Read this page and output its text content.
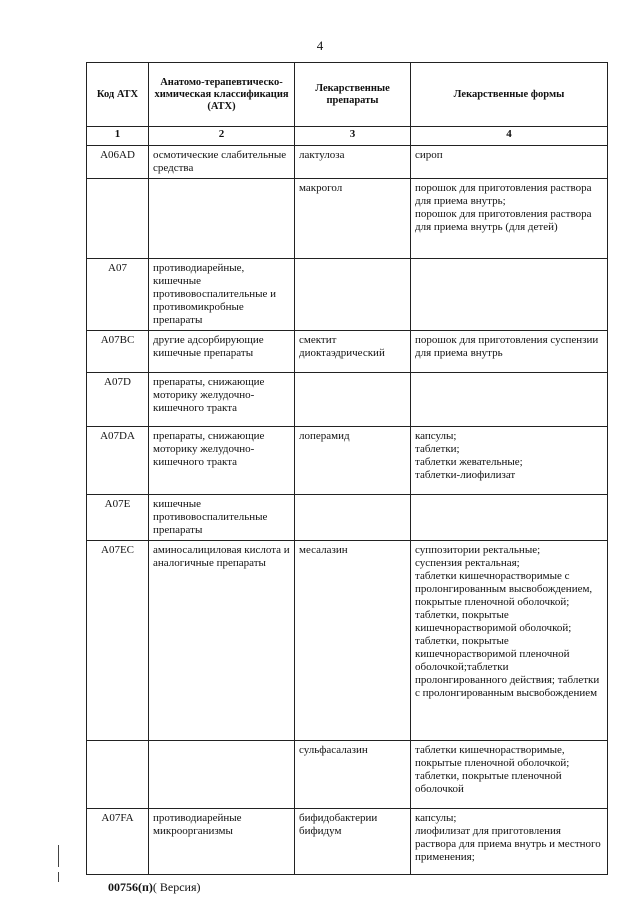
4
Код АТХ	Анатомо-терапевтическо-химическая классификация (АТХ)	Лекарственные препараты	Лекарственные формы
1	2	3	4
A06AD	осмотические слабительные средства	лактулоза	сироп
		макрогол	порошок для приготовления раствора для приема внутрь;
порошок для приготовления раствора для приема внутрь (для детей)
A07	противодиарейные, кишечные противовоспалительные и противомикробные препараты		
A07BC	другие адсорбирующие кишечные препараты	смектит диоктаэдрический	порошок для приготовления суспензии для приема внутрь
A07D	препараты, снижающие моторику желудочно-кишечного тракта		
A07DA	препараты, снижающие моторику желудочно-кишечного тракта	лоперамид	капсулы;
таблетки;
таблетки жевательные;
таблетки-лиофилизат
A07E	кишечные противовоспалительные препараты		
A07EC	аминосалициловая кислота и аналогичные препараты	месалазин	суппозитории ректальные;
суспензия ректальная;
таблетки кишечнорастворимые с пролонгированным высвобождением, покрытые пленочной оболочкой;
таблетки, покрытые кишечнорастворимой оболочкой;
таблетки, покрытые кишечнорастворимой пленочной оболочкой;таблетки пролонгированного действия; таблетки с пролонгированным высвобождением
		сульфасалазин	таблетки кишечнорастворимые, покрытые пленочной оболочкой;
таблетки, покрытые пленочной оболочкой
A07FA	противодиарейные микроорганизмы	бифидобактерии бифидум	капсулы;
лиофилизат для приготовления раствора для приема внутрь и местного применения;
00756(п)( Версия)
